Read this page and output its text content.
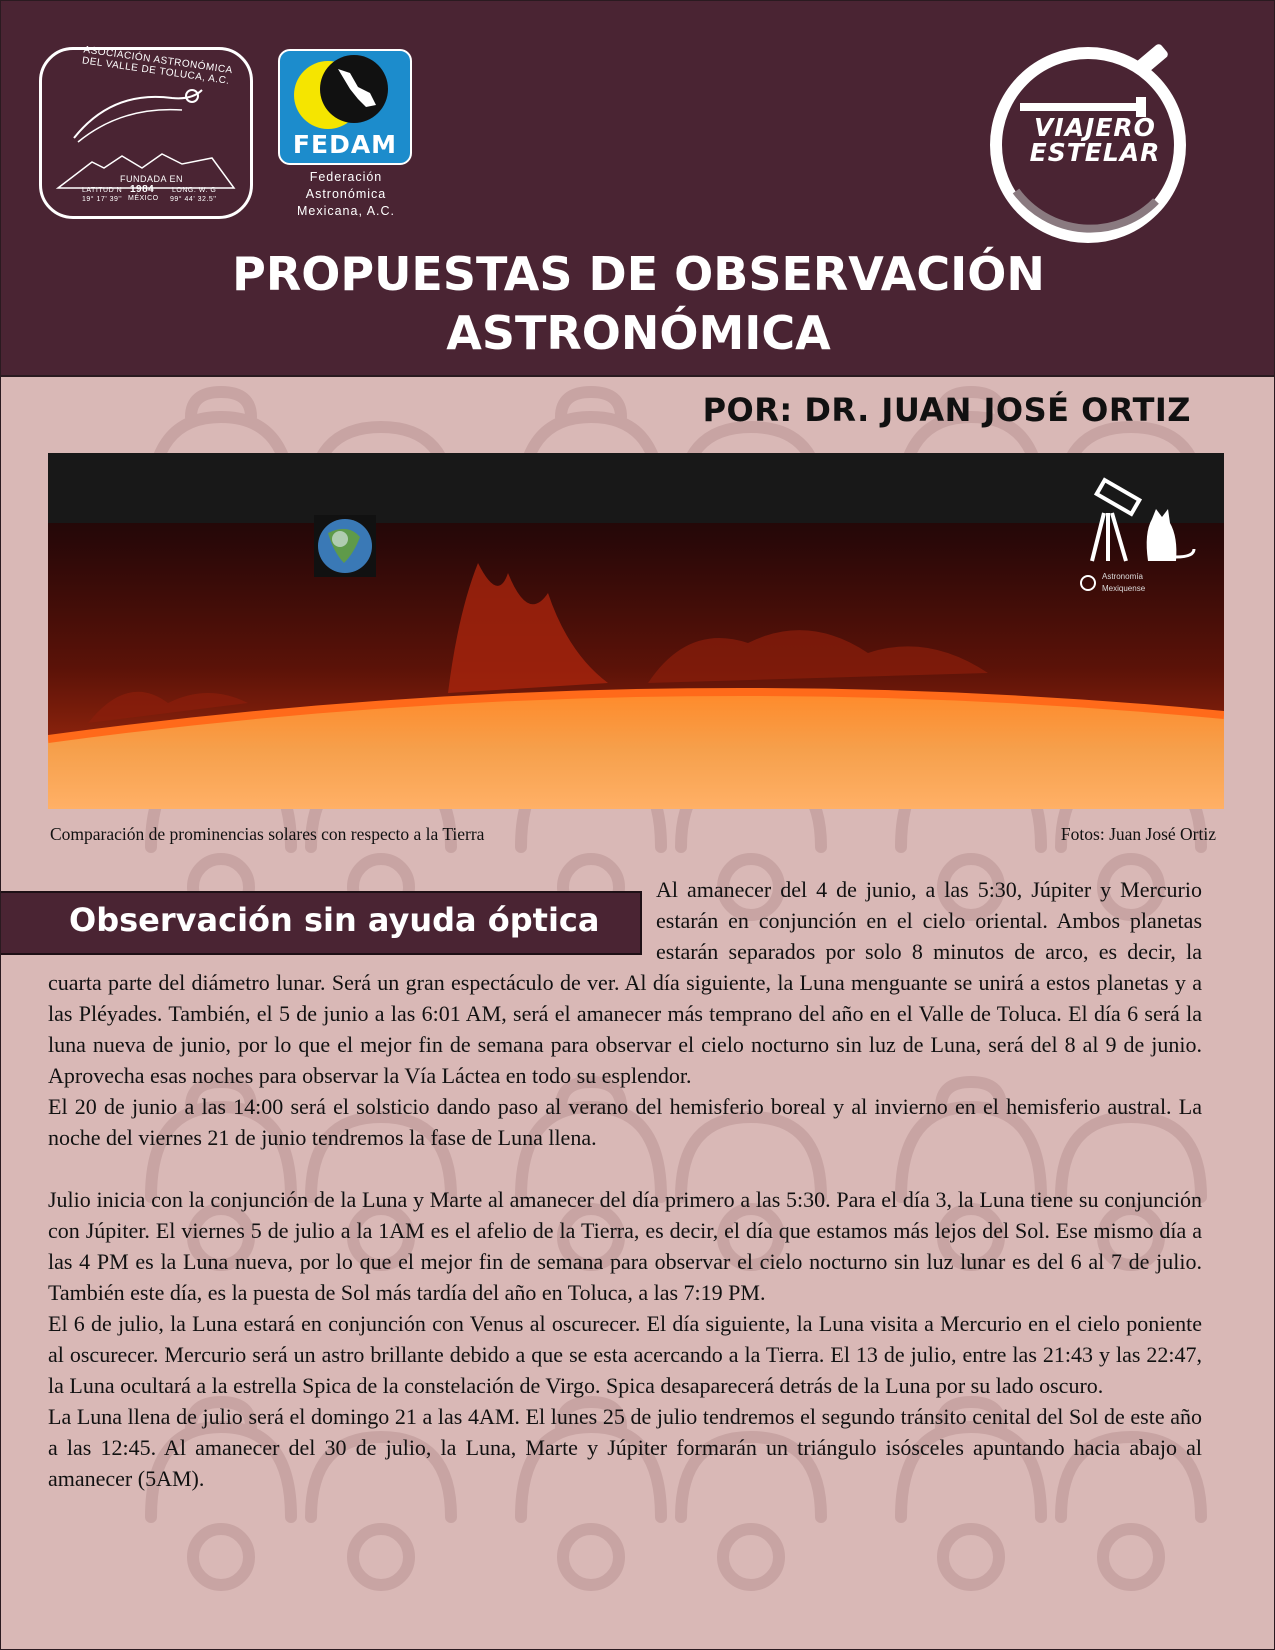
ASOCIACIÓN ASTRONÓMICA DEL VALLE DE TOLUCA, A.C.
FUNDADA EN
1984
MÉXICO
LATITUD N
19° 17' 39''
LONG. W. G
99° 44' 32.5''
FEDAM
Federación
Astronómica
Mexicana, A.C.
VIAJERO
ESTELAR
PROPUESTAS DE OBSERVACIÓN
ASTRONÓMICA
POR: DR. JUAN JOSÉ ORTIZ
Astronomía
Mexiquense
Comparación de prominencias solares con respecto a la Tierra	Fotos: Juan José Ortiz
Observación sin ayuda óptica

Al amanecer del 4 de junio, a las 5:30, Júpiter y Mercurio estarán en conjunción en el cielo oriental. Ambos planetas estarán separados por solo 8 minutos de arco, es decir, la cuarta parte del diámetro lunar. Será un gran espectáculo de ver. Al día siguiente, la Luna menguante se unirá a estos planetas y a las Pléyades. También, el 5 de junio a las 6:01 AM, será el amanecer más temprano del año en el Valle de Toluca. El día 6 será la luna nueva de junio, por lo que el mejor fin de semana para observar el cielo nocturno sin luz de Luna, será del 8 al 9 de junio. Aprovecha esas noches para observar la Vía Láctea en todo su esplendor.

El 20 de junio a las 14:00 será el solsticio dando paso al verano del hemisferio boreal y al invierno en el hemisferio austral. La noche del viernes 21 de junio tendremos la fase de Luna llena.

Julio inicia con la conjunción de la Luna y Marte al amanecer del día primero a las 5:30. Para el día 3, la Luna tiene su conjunción con Júpiter. El viernes 5 de julio a la 1AM es el afelio de la Tierra, es decir, el día que estamos más lejos del Sol. Ese mismo día a las 4 PM es la Luna nueva, por lo que el mejor fin de semana para observar el cielo nocturno sin luz lunar es del 6 al 7 de julio. También este día, es la puesta de Sol más tardía del año en Toluca, a las 7:19 PM.

El 6 de julio, la Luna estará en conjunción con Venus al oscurecer. El día siguiente, la Luna visita a Mercurio en el cielo poniente al oscurecer. Mercurio será un astro brillante debido a que se esta acercando a la Tierra. El 13 de julio, entre las 21:43 y las 22:47, la Luna ocultará a la estrella Spica de la constelación de Virgo. Spica desaparecerá detrás de la Luna por su lado oscuro.

La Luna llena de julio será el domingo 21 a las 4AM. El lunes 25 de julio tendremos el segundo tránsito cenital del Sol de este año a las 12:45. Al amanecer del 30 de julio, la Luna, Marte y Júpiter formarán un triángulo isósceles apuntando hacia abajo al amanecer (5AM).
